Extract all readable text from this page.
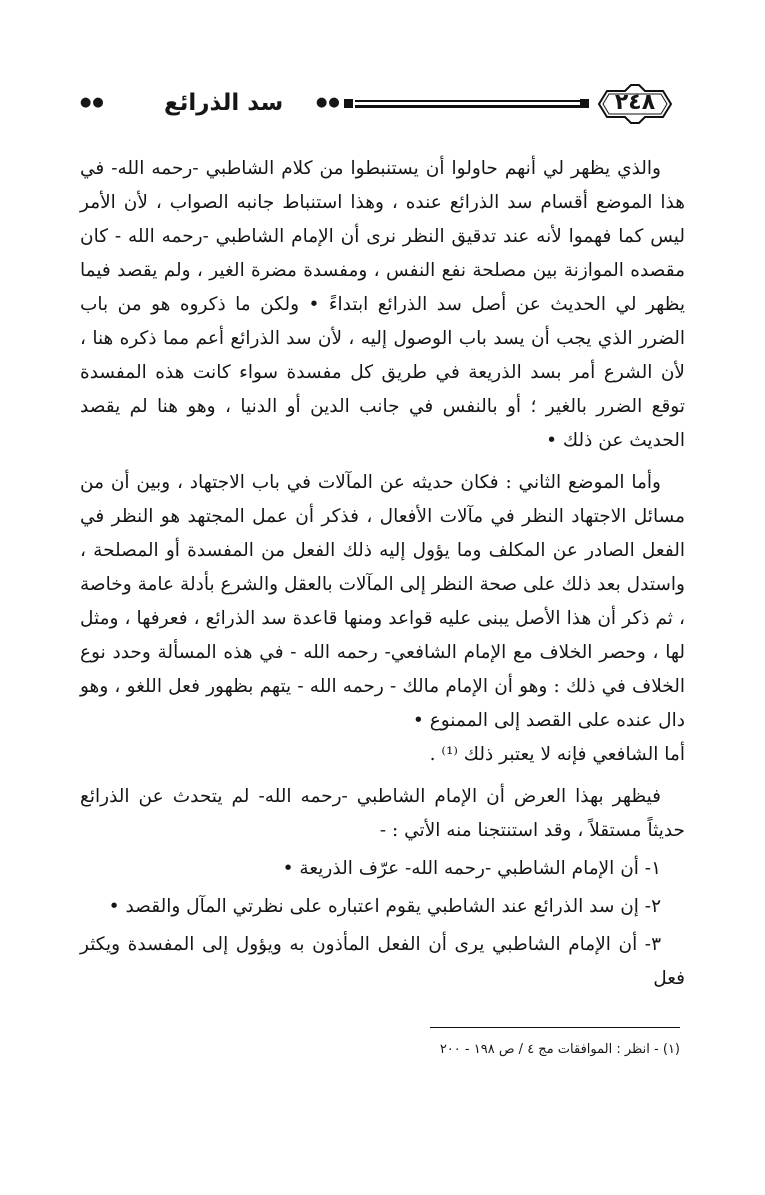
●●	سد الذرائع	●●	٢٤٨

والذي يظهر لي أنهم حاولوا أن يستنبطوا من كلام الشاطبي -رحمه الله- في هذا الموضع أقسام سد الذرائع عنده ، وهذا استنباط جانبه الصواب ، لأن الأمر ليس كما فهموا لأنه عند تدقيق النظر نرى أن الإمام الشاطبي -رحمه الله - كان مقصده الموازنة بين مصلحة نفع النفس ، ومفسدة مضرة الغير ، ولم يقصد فيما يظهر لي الحديث عن أصل سد الذرائع ابتداءً • ولكن ما ذكروه هو من باب الضرر الذي يجب أن يسد باب الوصول إليه ، لأن سد الذرائع أعم مما ذكره هنا ، لأن الشرع أمر بسد الذريعة في طريق كل مفسدة سواء كانت هذه المفسدة توقع الضرر بالغير ؛ أو بالنفس في جانب الدين أو الدنيا ، وهو هنا لم يقصد الحديث عن ذلك •

وأما الموضع الثاني : فكان حديثه عن المآلات في باب الاجتهاد ، وبين أن من مسائل الاجتهاد النظر في مآلات الأفعال ، فذكر أن عمل المجتهد هو النظر في الفعل الصادر عن المكلف وما يؤول إليه ذلك الفعل من المفسدة أو المصلحة ، واستدل بعد ذلك على صحة النظر إلى المآلات بالعقل والشرع بأدلة عامة وخاصة ، ثم ذكر أن هذا الأصل يبنى عليه قواعد ومنها قاعدة سد الذرائع ، فعرفها ، ومثل لها ، وحصر الخلاف مع الإمام الشافعي- رحمه الله - في هذه المسألة وحدد نوع الخلاف في ذلك : وهو أن الإمام مالك - رحمه الله - يتهم بظهور فعل اللغو ، وهو دال عنده على القصد إلى الممنوع •

أما الشافعي فإنه لا يعتبر ذلك ⁽¹⁾ .

فيظهر بهذا العرض أن الإمام الشاطبي -رحمه الله- لم يتحدث عن الذرائع حديثاً مستقلاً ، وقد استنتجنا منه الأتي : -

١- أن الإمام الشاطبي -رحمه الله- عرّف الذريعة •

٢- إن سد الذرائع عند الشاطبي يقوم اعتباره على نظرتي المآل والقصد •

٣- أن الإمام الشاطبي يرى أن الفعل المأذون به ويؤول إلى المفسدة ويكثر فعل

(١) - انظر : الموافقات مج ٤ / ص ١٩٨ - ٢٠٠
